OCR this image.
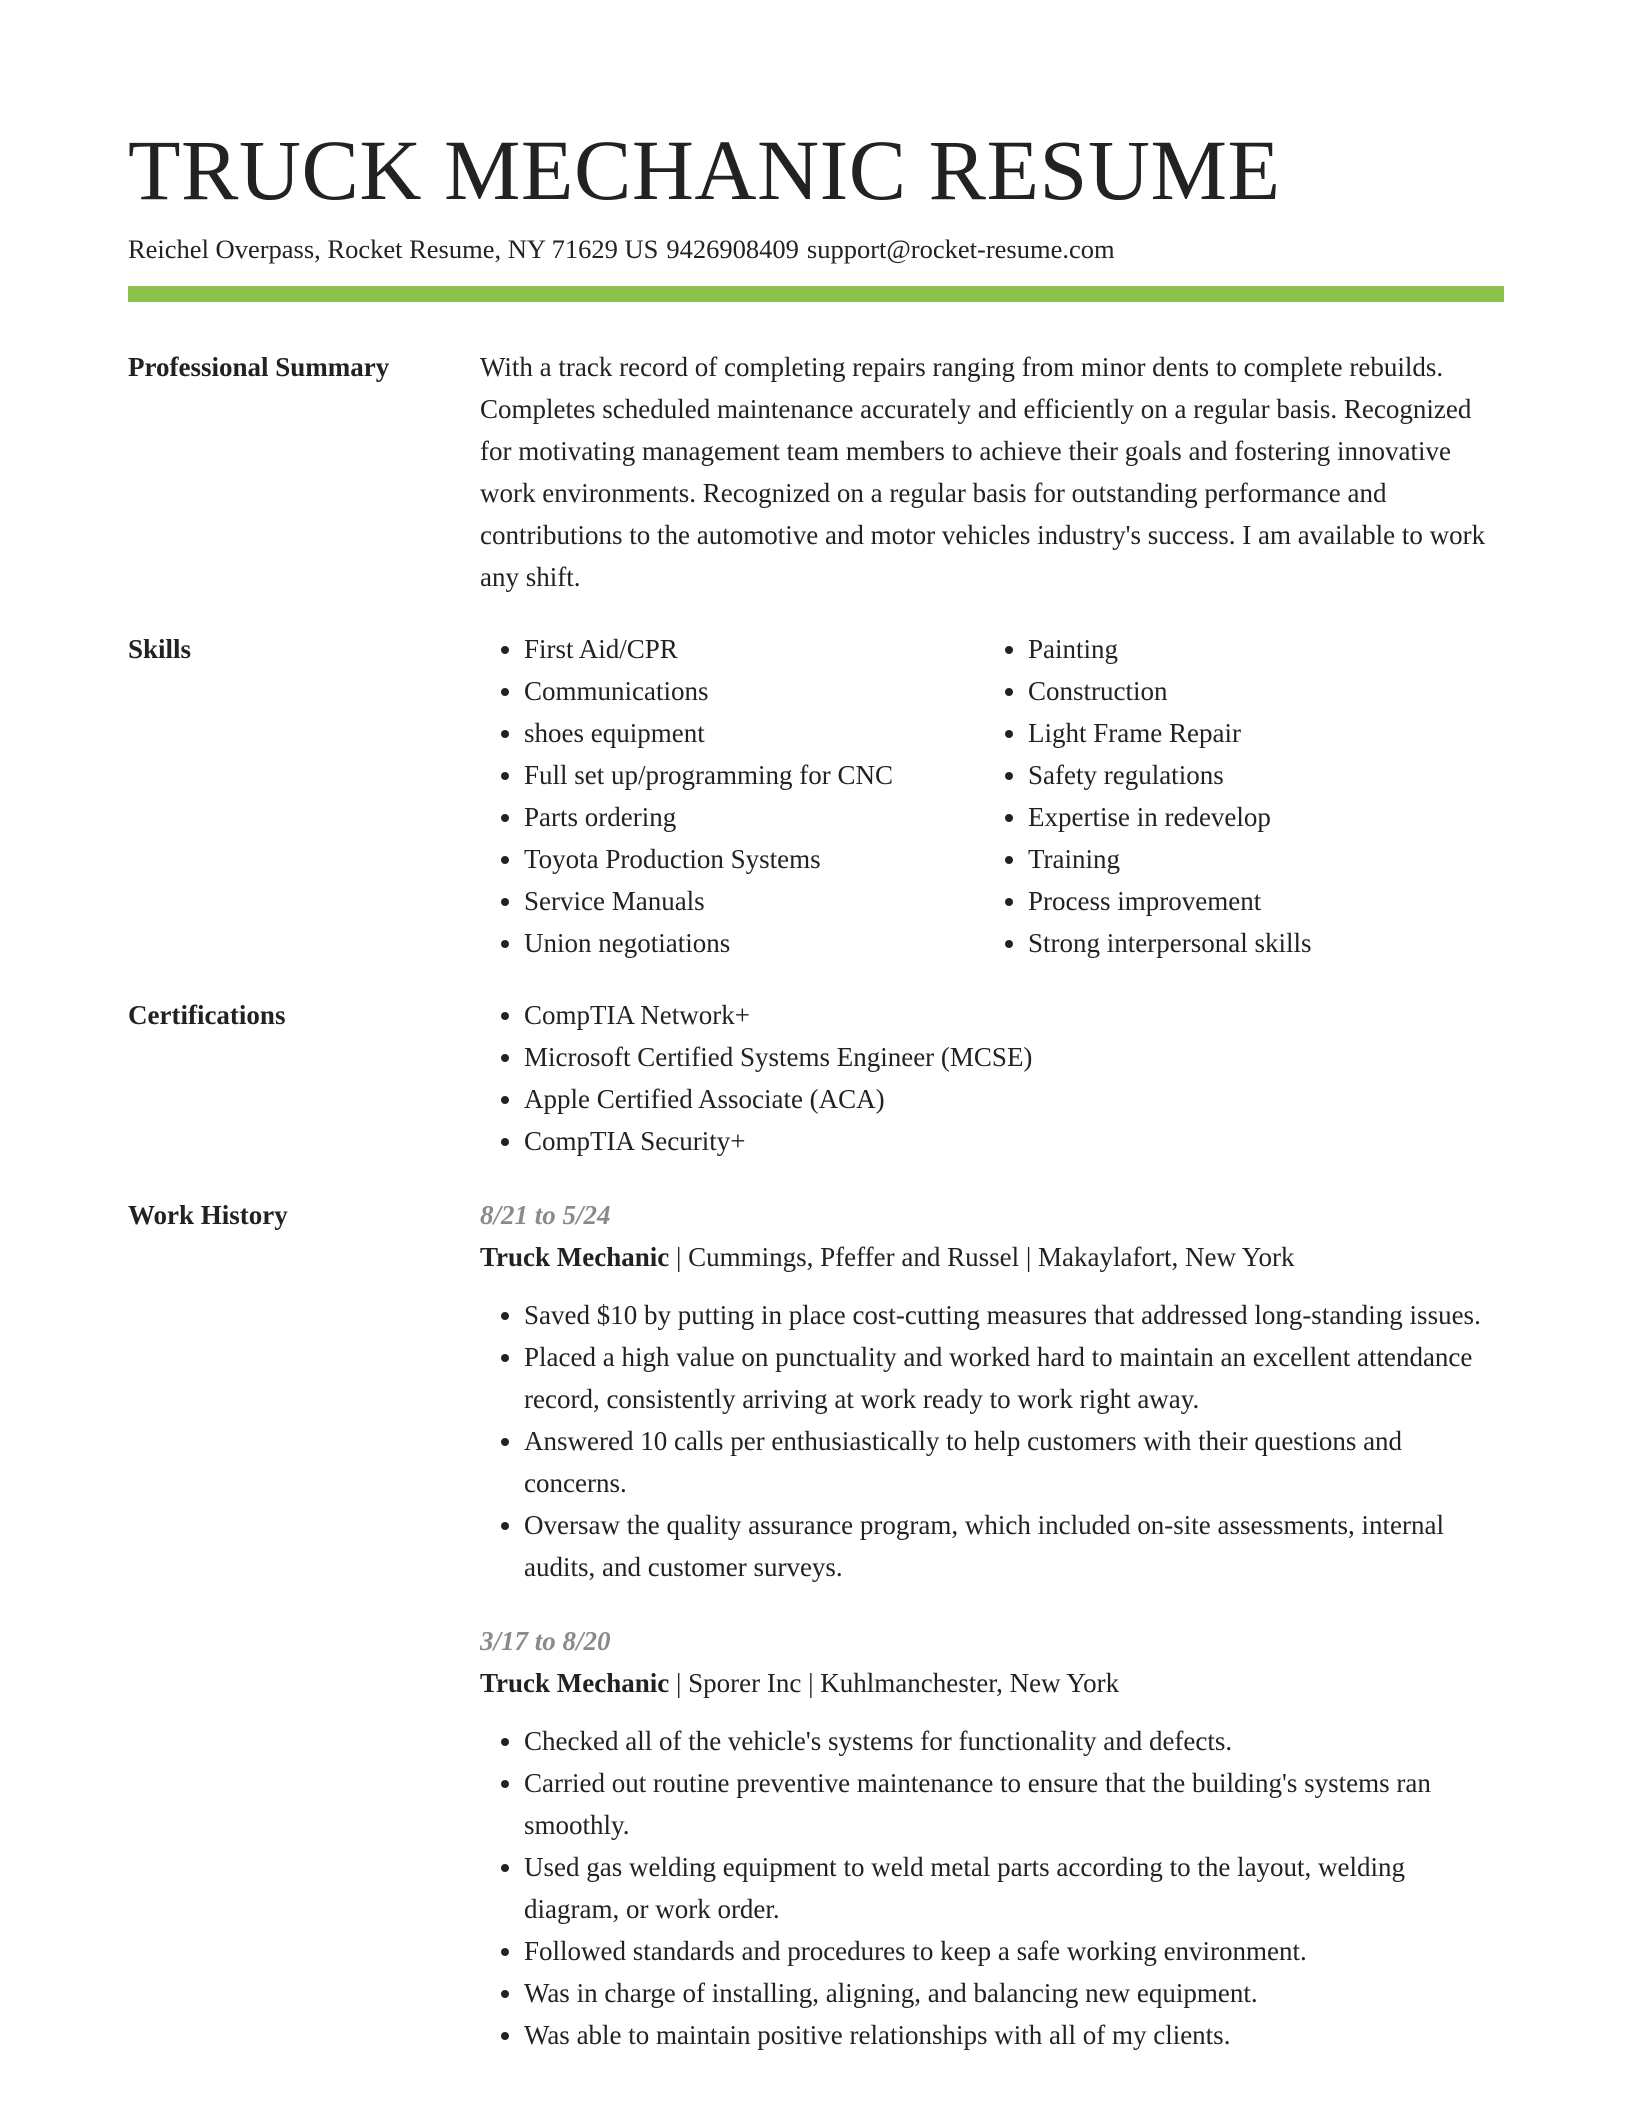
TRUCK MECHANIC RESUME
Reichel Overpass, Rocket Resume, NY 71629 US 9426908409 support@rocket-resume.com
Professional Summary	With a track record of completing repairs ranging from minor dents to complete rebuilds. Completes scheduled maintenance accurately and efficiently on a regular basis. Recognized for motivating management team members to achieve their goals and fostering innovative work environments. Recognized on a regular basis for outstanding performance and contributions to the automotive and motor vehicles industry's success. I am available to work any shift.

Skills	• First Aid/CPR
• Communications
• shoes equipment
• Full set up/programming for CNC
• Parts ordering
• Toyota Production Systems
• Service Manuals
• Union negotiations
• Painting
• Construction
• Light Frame Repair
• Safety regulations
• Expertise in redevelop
• Training
• Process improvement
• Strong interpersonal skills
Certifications	• CompTIA Network+
• Microsoft Certified Systems Engineer (MCSE)
• Apple Certified Associate (ACA)
• CompTIA Security+
Work History	8/21 to 5/24
Truck Mechanic | Cummings, Pfeffer and Russel | Makaylafort, New York
• Saved $10 by putting in place cost-cutting measures that addressed long-standing issues.
• Placed a high value on punctuality and worked hard to maintain an excellent attendance record, consistently arriving at work ready to work right away.
• Answered 10 calls per enthusiastically to help customers with their questions and concerns.
• Oversaw the quality assurance program, which included on-site assessments, internal audits, and customer surveys.
3/17 to 8/20
Truck Mechanic | Sporer Inc | Kuhlmanchester, New York
• Checked all of the vehicle's systems for functionality and defects.
• Carried out routine preventive maintenance to ensure that the building's systems ran smoothly.
• Used gas welding equipment to weld metal parts according to the layout, welding diagram, or work order.
• Followed standards and procedures to keep a safe working environment.
• Was in charge of installing, aligning, and balancing new equipment.
• Was able to maintain positive relationships with all of my clients.
